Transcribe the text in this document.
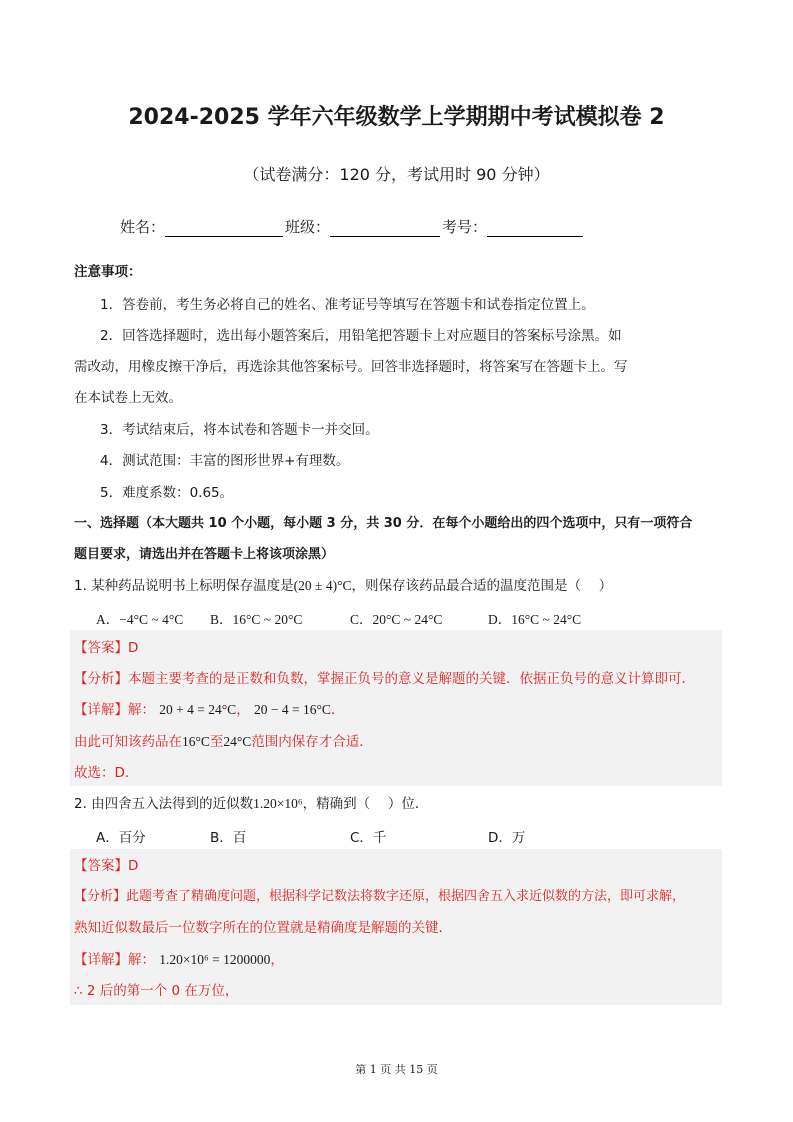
2024-2025 学年六年级数学上学期期中考试模拟卷 2
（试卷满分：120 分，考试用时 90 分钟）
姓名：	班级：	考号：
注意事项：
1．答卷前，考生务必将自己的姓名、准考证号等填写在答题卡和试卷指定位置上。
2．回答选择题时，选出每小题答案后，用铅笔把答题卡上对应题目的答案标号涂黑。如
需改动，用橡皮擦干净后，再选涂其他答案标号。回答非选择题时，将答案写在答题卡上。写
在本试卷上无效。
3．考试结束后，将本试卷和答题卡一并交回。
4．测试范围：丰富的图形世界+有理数。
5．难度系数：0.65。
一、选择题（本大题共 10 个小题，每小题 3 分，共 30 分．在每个小题给出的四个选项中，只有一项符合
题目要求，请选出并在答题卡上将该项涂黑）
1. 某种药品说明书上标明保存温度是(20 ± 4)°C，则保存该药品最合适的温度范围是（　 ）
A．−4°C ~ 4°C B．16°C ~ 20°C	C．20°C ~ 24°C	D．16°C ~ 24°C
【答案】D
【分析】本题主要考查的是正数和负数，掌握正负号的意义是解题的关键．依据正负号的意义计算即可．
【详解】解： 20 + 4 = 24°C， 20 − 4 = 16°C．
由此可知该药品在16°C至24°C范围内保存才合适．
故选：D．
2. 由四舍五入法得到的近似数1.20×10⁶，精确到（　 ）位．
A．百分	B．百	C．千	D．万
【答案】D
【分析】此题考查了精确度问题，根据科学记数法将数字还原，根据四舍五入求近似数的方法，即可求解，
熟知近似数最后一位数字所在的位置就是精确度是解题的关键．
【详解】解： 1.20×10⁶ = 1200000，
∴ 2 后的第一个 0 在万位，
第 1 页 共 15 页
